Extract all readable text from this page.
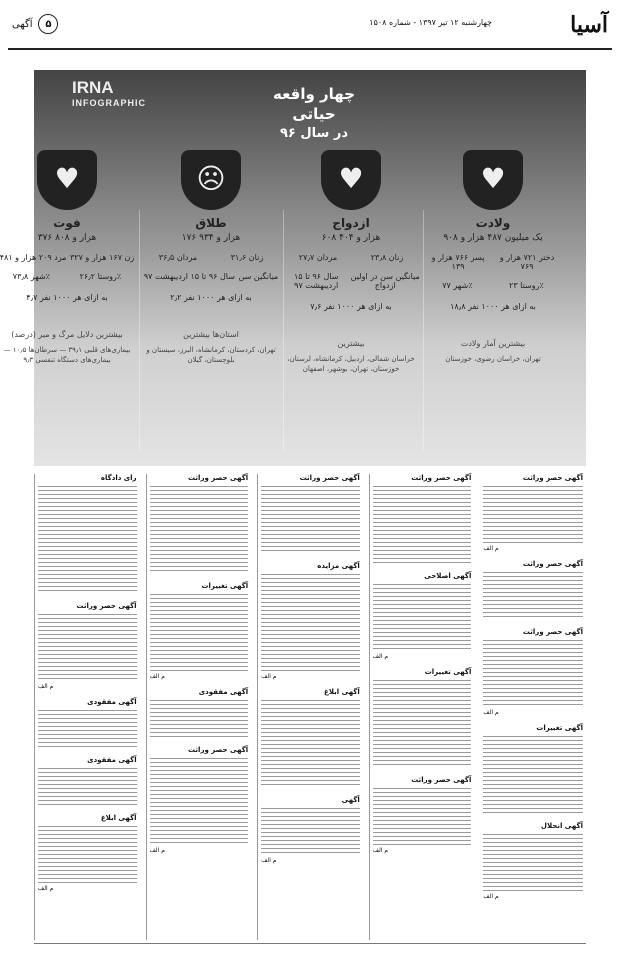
آسیا
چهارشنبه ۱۲ تیر ۱۳۹۷ - شماره ۱۵۰۸
آگهی	۵
IRNA
INFOGRAPHIC	چهار واقعه حیاتی
در سال ۹۶
♥
ولادت
یک میلیون ۴۸۷ هزار و ۹۰۸
پسر ۷۶۶ هزار و ۱۳۹
دختر ۷۲۱ هزار و ۷۶۹
شهر ۷۷٪	روستا ۲۳٪
۱۸٫۸ به ازای هر ۱۰۰۰ نفر
بیشترین آمار ولادت
تهران، خراسان رضوی، خوزستان
♥
ازدواج
۶۰۸ هزار و ۴۰۴
مردان ۲۷٫۷	زنان ۲۳٫۸
سال ۹۶ تا ۱۵ اردیبهشت ۹۷
میانگین سن در اولین ازدواج
۷٫۶ به ازای هر ۱۰۰۰ نفر
بیشترین
خراسان شمالی، اردبیل، کرمانشاه، لرستان، خوزستان، تهران، بوشهر، اصفهان
☹
طلاق
۱۷۶ هزار و ۹۳۴
مردان ۳۶٫۵	زنان ۳۱٫۶
سال ۹۶ تا ۱۵ اردیبهشت ۹۷ میانگین سن
۲٫۲ به ازای هر ۱۰۰۰ نفر
استان‌ها بیشترین
تهران، کردستان، کرمانشاه، البرز، سیستان و بلوچستان، گیلان
♥
فوت
۳۷۶ هزار و ۸۰۸
مرد ۲۰۹ هزار و ۴۸۱ زن ۱۶۷ هزار و ۳۲۷
شهر ۷۳٫۸٪	روستا ۲۶٫۲٪
۴٫۷ به ازای هر ۱۰۰۰ نفر
بیشترین دلایل مرگ و میر (درصد)
بیماری‌های قلبی ۳۹٫۱ — سرطان‌ها ۱۰٫۵ — بیماری‌های دستگاه تنفسی ۹٫۳
رای دادگاه
آگهی حصر وراثت
م الف
آگهی مفقودی
آگهی مفقودی
آگهی ابلاغ
م الف
آگهی حصر وراثت
آگهی تغییرات
م الف
آگهی مفقودی
آگهی حصر وراثت
م الف
آگهی حصر وراثت
آگهی مزایده
م الف
آگهی ابلاغ
آگهی
م الف
آگهی حصر وراثت
آگهی اصلاحی
م الف
آگهی تغییرات
آگهی حصر وراثت
م الف
آگهی حصر وراثت
م الف
آگهی حصر وراثت
آگهی حصر وراثت
م الف
آگهی تغییرات
آگهی انحلال
م الف
